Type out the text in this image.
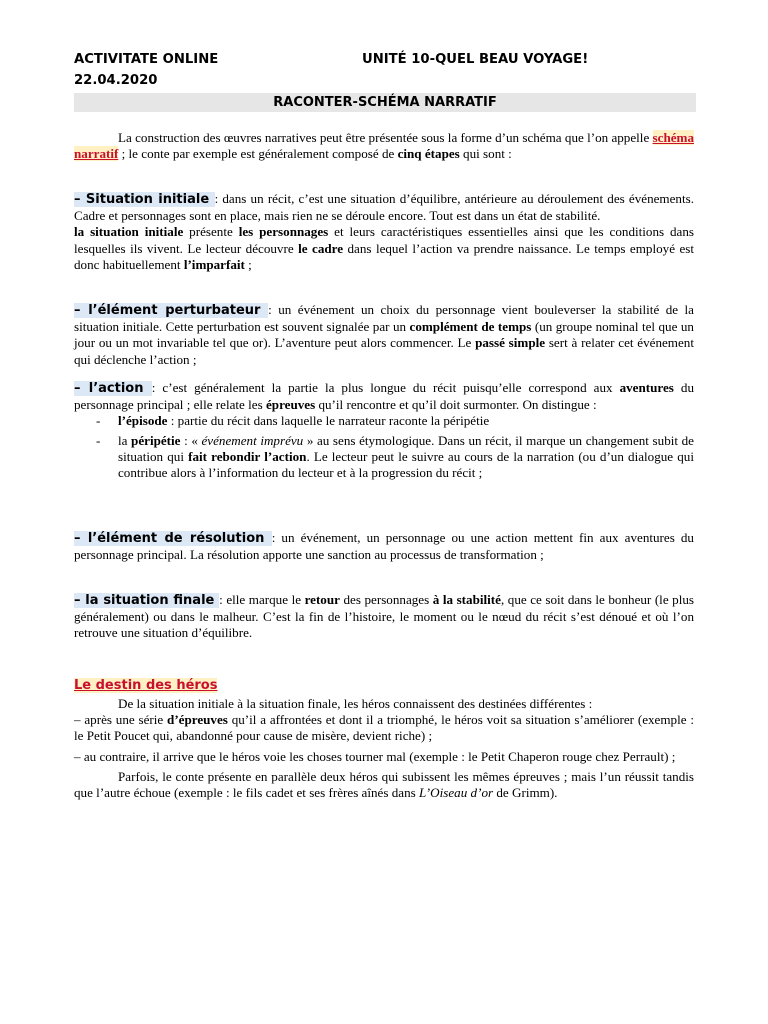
ACTIVITATE ONLINE	UNITÉ 10-QUEL BEAU VOYAGE!
22.04.2020
RACONTER-SCHÉMA NARRATIF

La construction des œuvres narratives peut être présentée sous la forme d’un schéma que l’on appelle schéma narratif ; le conte par exemple est généralement composé de cinq étapes qui sont :

– Situation initiale : dans un récit, c’est une situation d’équilibre, antérieure au déroulement des événements. Cadre et personnages sont en place, mais rien ne se déroule encore. Tout est dans un état de stabilité.

la situation initiale présente les personnages et leurs caractéristiques essentielles ainsi que les conditions dans lesquelles ils vivent. Le lecteur découvre le cadre dans lequel l’action va prendre naissance. Le temps employé est donc habituellement l’imparfait ;

– l’élément perturbateur : un événement un choix du personnage vient bouleverser la stabilité de la situation initiale. Cette perturbation est souvent signalée par un complément de temps (un groupe nominal tel que un jour ou un mot invariable tel que or). L’aventure peut alors commencer. Le passé simple sert à relater cet événement qui déclenche l’action ;

– l’action : c’est généralement la partie la plus longue du récit puisqu’elle correspond aux aventures du personnage principal ; elle relate les épreuves qu’il rencontre et qu’il doit surmonter. On distingue :

- l’épisode : partie du récit dans laquelle le narrateur raconte la péripétie
- la péripétie : « événement imprévu » au sens étymologique. Dans un récit, il marque un changement subit de situation qui fait rebondir l’action. Le lecteur peut le suivre au cours de la narration (ou d’un dialogue qui contribue alors à l’information du lecteur et à la progression du récit ;

– l’élément de résolution : un événement, un personnage ou une action mettent fin aux aventures du personnage principal. La résolution apporte une sanction au processus de transformation ;

– la situation finale : elle marque le retour des personnages à la stabilité, que ce soit dans le bonheur (le plus généralement) ou dans le malheur. C’est la fin de l’histoire, le moment ou le nœud du récit s’est dénoué et où l’on retrouve une situation d’équilibre.

Le destin des héros

De la situation initiale à la situation finale, les héros connaissent des destinées différentes :

– après une série d’épreuves qu’il a affrontées et dont il a triomphé, le héros voit sa situation s’améliorer (exemple : le Petit Poucet qui, abandonné pour cause de misère, devient riche) ;

– au contraire, il arrive que le héros voie les choses tourner mal (exemple : le Petit Chaperon rouge chez Perrault) ;

Parfois, le conte présente en parallèle deux héros qui subissent les mêmes épreuves ; mais l’un réussit tandis que l’autre échoue (exemple : le fils cadet et ses frères aînés dans L’Oiseau d’or de Grimm).
